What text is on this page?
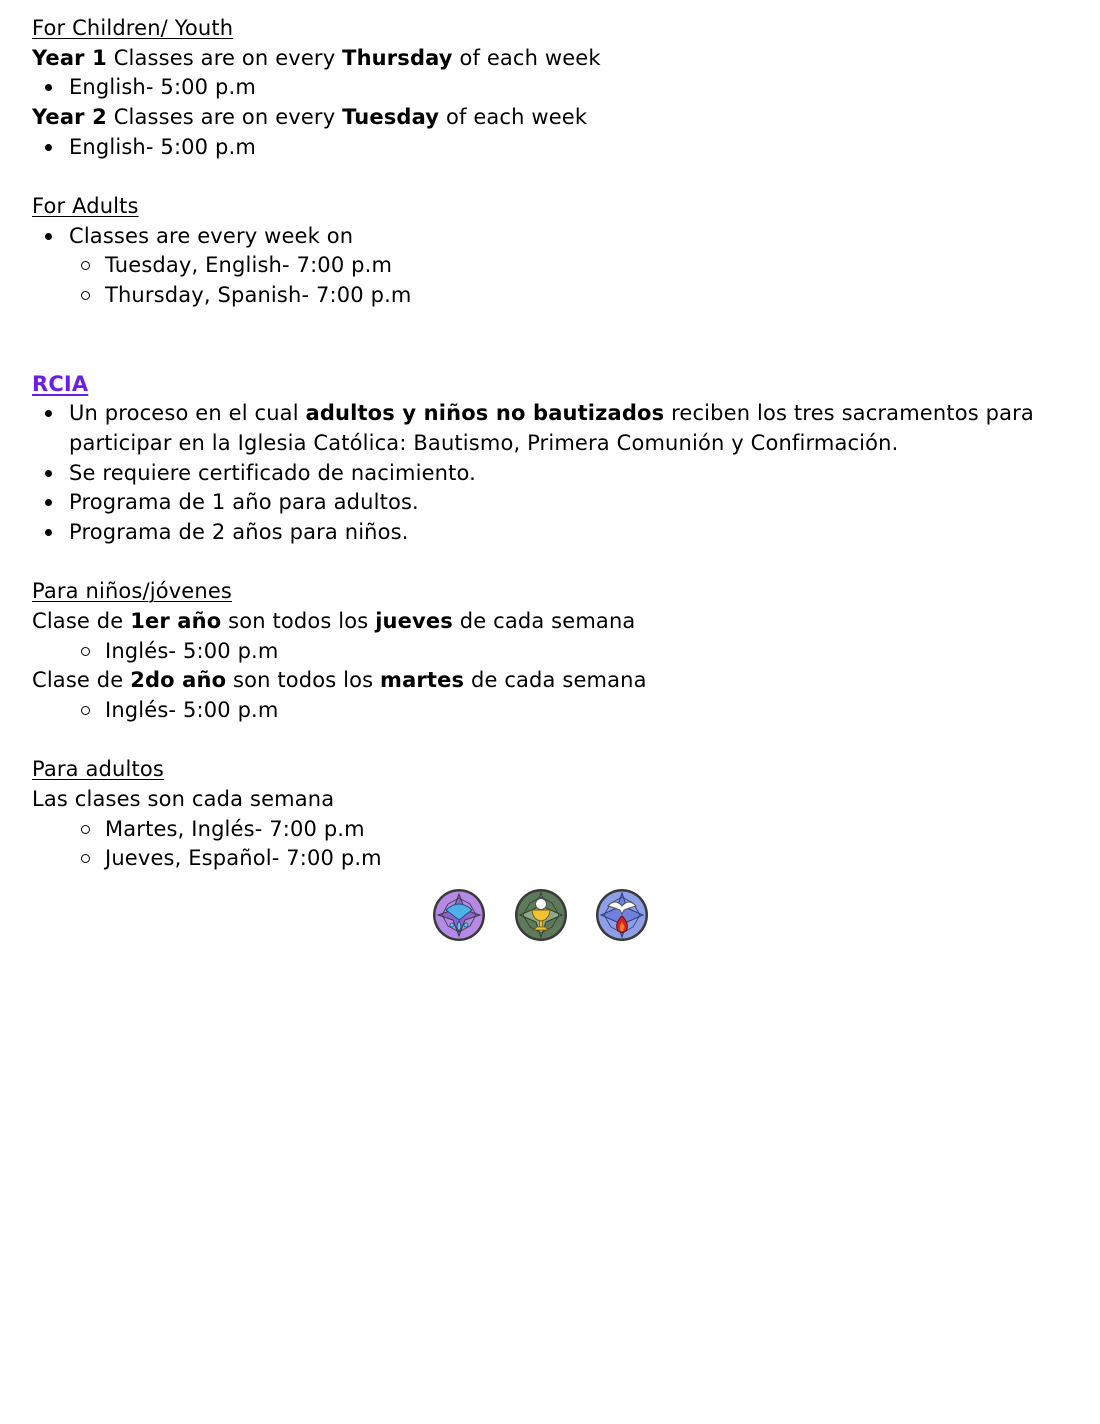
For Children/ Youth
Year 1 Classes are on every Thursday of each week
English- 5:00 p.m
Year 2 Classes are on every Tuesday of each week
English- 5:00 p.m
For Adults
Classes are every week on
Tuesday, English- 7:00 p.m
Thursday, Spanish- 7:00 p.m
RCIA
Un proceso en el cual adultos y niños no bautizados reciben los tres sacramentos para
participar en la Iglesia Católica: Bautismo, Primera Comunión y Confirmación.
Se requiere certificado de nacimiento.
Programa de 1 año para adultos.
Programa de 2 años para niños.
Para niños/jóvenes
Clase de 1er año son todos los jueves de cada semana
Inglés- 5:00 p.m
Clase de 2do año son todos los martes de cada semana
Inglés- 5:00 p.m
Para adultos
Las clases son cada semana
Martes, Inglés- 7:00 p.m
Jueves, Español- 7:00 p.m
